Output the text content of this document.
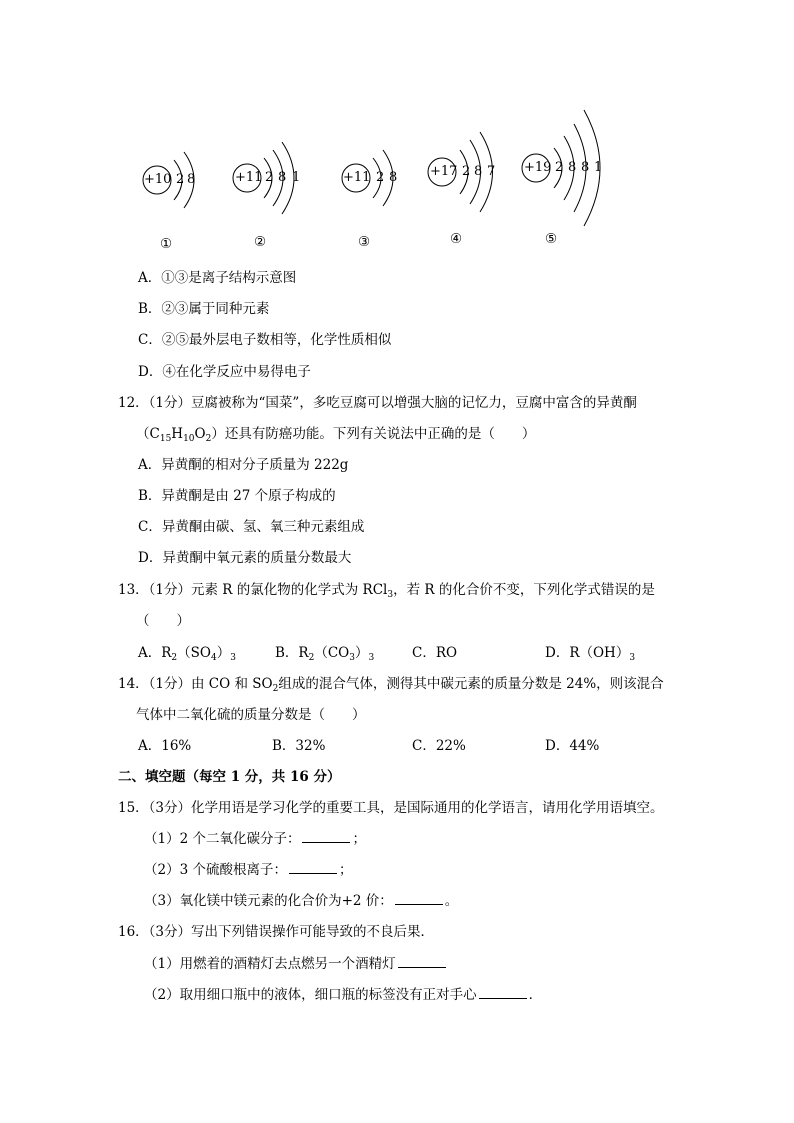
+10 2 8
①
+11 2 8 1
②
+11 2 8
③
+17 2 8 7
④
+19 2 8 8 1
⑤
A．①③是离子结构示意图
B．②③属于同种元素
C．②⑤最外层电子数相等，化学性质相似
D．④在化学反应中易得电子
12．（1分）豆腐被称为“国菜”，多吃豆腐可以增强大脑的记忆力，豆腐中富含的异黄酮
$(C_{15}H_{10}O_2)$还具有防癌功能。下列有关说法中正确的是（　　）
A．异黄酮的相对分子质量为 222g
B．异黄酮是由 27 个原子构成的
C．异黄酮由碳、氢、氧三种元素组成
D．异黄酮中氧元素的质量分数最大
13．（1分）元素 R 的氯化物的化学式为 RCl$_3$，若 R 的化合价不变，下列化学式错误的是
（　　）
A．$R_2(SO_4)_3$	B．$R_2(CO_3)_3$	C．RO	D．$R(OH)_3$
14．（1分）由 CO 和 $SO_2$组成的混合气体，测得其中碳元素的质量分数是 24%，则该混合
气体中二氧化硫的质量分数是（　　）
A．16%	B．32%	C．22%	D．44%
二、填空题（每空 1 分，共 16 分）
15．（3分）化学用语是学习化学的重要工具，是国际通用的化学语言，请用化学用语填空。
（1）2 个二氧化碳分子：	；
（2）3 个硫酸根离子：	；
（3）氧化镁中镁元素的化合价为+2 价：	。
16．（3分）写出下列错误操作可能导致的不良后果．
（1）用燃着的酒精灯去点燃另一个酒精灯
（2）取用细口瓶中的液体，细口瓶的标签没有正对手心	．
